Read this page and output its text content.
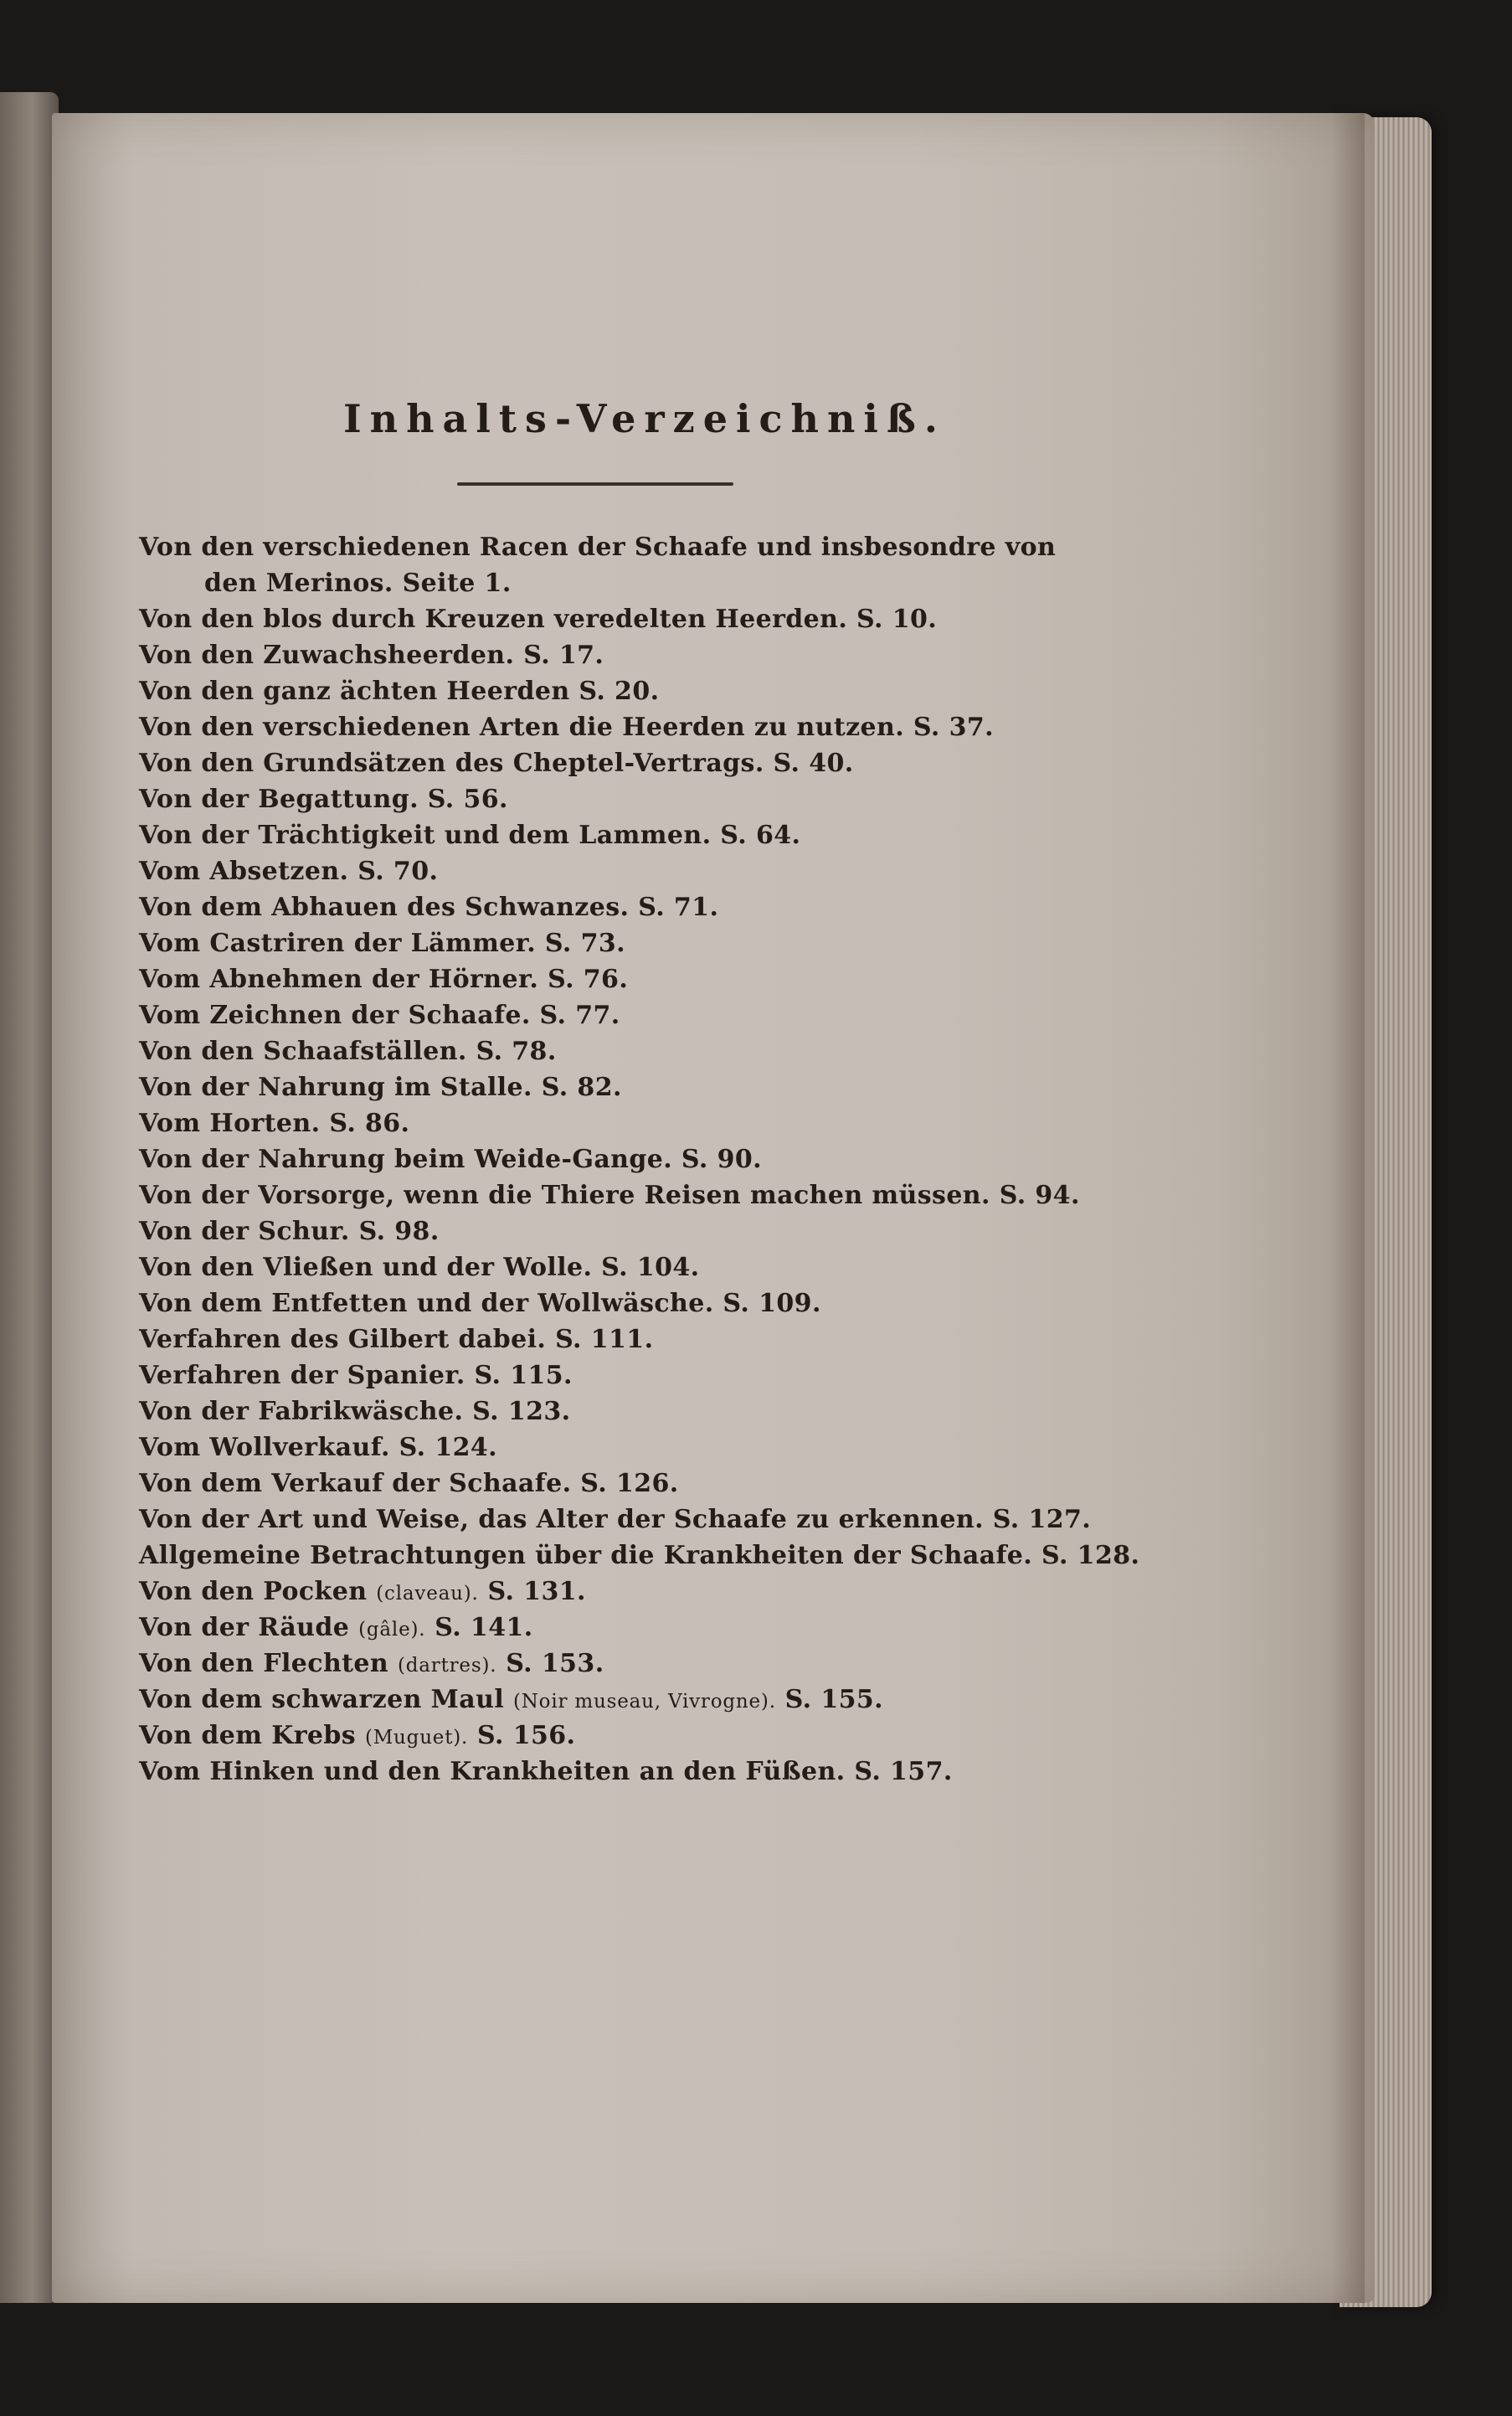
Inhalts-Verzeichniß.
Von den verschiedenen Racen der Schaafe und insbesondre von
den Merinos. Seite 1.
Von den blos durch Kreuzen veredelten Heerden. S. 10.
Von den Zuwachsheerden. S. 17.
Von den ganz ächten Heerden S. 20.
Von den verschiedenen Arten die Heerden zu nutzen. S. 37.
Von den Grundsätzen des Cheptel-Vertrags. S. 40.
Von der Begattung. S. 56.
Von der Trächtigkeit und dem Lammen. S. 64.
Vom Absetzen. S. 70.
Von dem Abhauen des Schwanzes. S. 71.
Vom Castriren der Lämmer. S. 73.
Vom Abnehmen der Hörner. S. 76.
Vom Zeichnen der Schaafe. S. 77.
Von den Schaafställen. S. 78.
Von der Nahrung im Stalle. S. 82.
Vom Horten. S. 86.
Von der Nahrung beim Weide-Gange. S. 90.
Von der Vorsorge, wenn die Thiere Reisen machen müssen. S. 94.
Von der Schur. S. 98.
Von den Vließen und der Wolle. S. 104.
Von dem Entfetten und der Wollwäsche. S. 109.
Verfahren des Gilbert dabei. S. 111.
Verfahren der Spanier. S. 115.
Von der Fabrikwäsche. S. 123.
Vom Wollverkauf. S. 124.
Von dem Verkauf der Schaafe. S. 126.
Von der Art und Weise, das Alter der Schaafe zu erkennen. S. 127.
Allgemeine Betrachtungen über die Krankheiten der Schaafe. S. 128.
Von den Pocken (claveau). S. 131.
Von der Räude (gâle). S. 141.
Von den Flechten (dartres). S. 153.
Von dem schwarzen Maul (Noir museau, Vivrogne). S. 155.
Von dem Krebs (Muguet). S. 156.
Vom Hinken und den Krankheiten an den Füßen. S. 157.
